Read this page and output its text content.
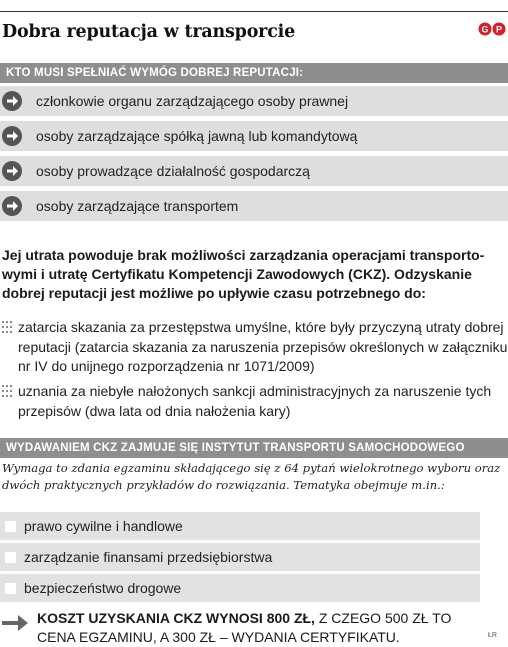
Dobra reputacja w transporcie	G P
KTO MUSI SPEŁNIAĆ WYMÓG DOBREJ REPUTACJI:
członkowie organu zarządzającego osoby prawnej
osoby zarządzające spółką jawną lub komandytową
osoby prowadzące działalność gospodarczą
osoby zarządzające transportem
Jej utrata powoduje brak możliwości zarządzania operacjami transporto-wymi i utratę Certyfikatu Kompetencji Zawodowych (CKZ). Odzyskanie dobrej reputacji jest możliwe po upływie czasu potrzebnego do:
zatarcia skazania za przestępstwa umyślne, które były przyczyną utraty dobrej reputacji (zatarcia skazania za naruszenia przepisów określonych w załączniku nr IV do unijnego rozporządzenia nr 1071/2009)
uznania za niebyłe nałożonych sankcji administracyjnych za naruszenie tych przepisów (dwa lata od dnia nałożenia kary)
WYDAWANIEM CKZ ZAJMUJE SIĘ INSTYTUT TRANSPORTU SAMOCHODOWEGO
Wymaga to zdania egzaminu składającego się z 64 pytań wielokrotnego wyboru oraz dwóch praktycznych przykładów do rozwiązania. Tematyka obejmuje m.in.:
prawo cywilne i handlowe
zarządzanie finansami przedsiębiorstwa
bezpieczeństwo drogowe
KOSZT UZYSKANIA CKZ WYNOSI 800 ZŁ, Z CZEGO 500 ZŁ TO CENA EGZAMINU, A 300 ZŁ – WYDANIA CERTYFIKATU.	ŁR
